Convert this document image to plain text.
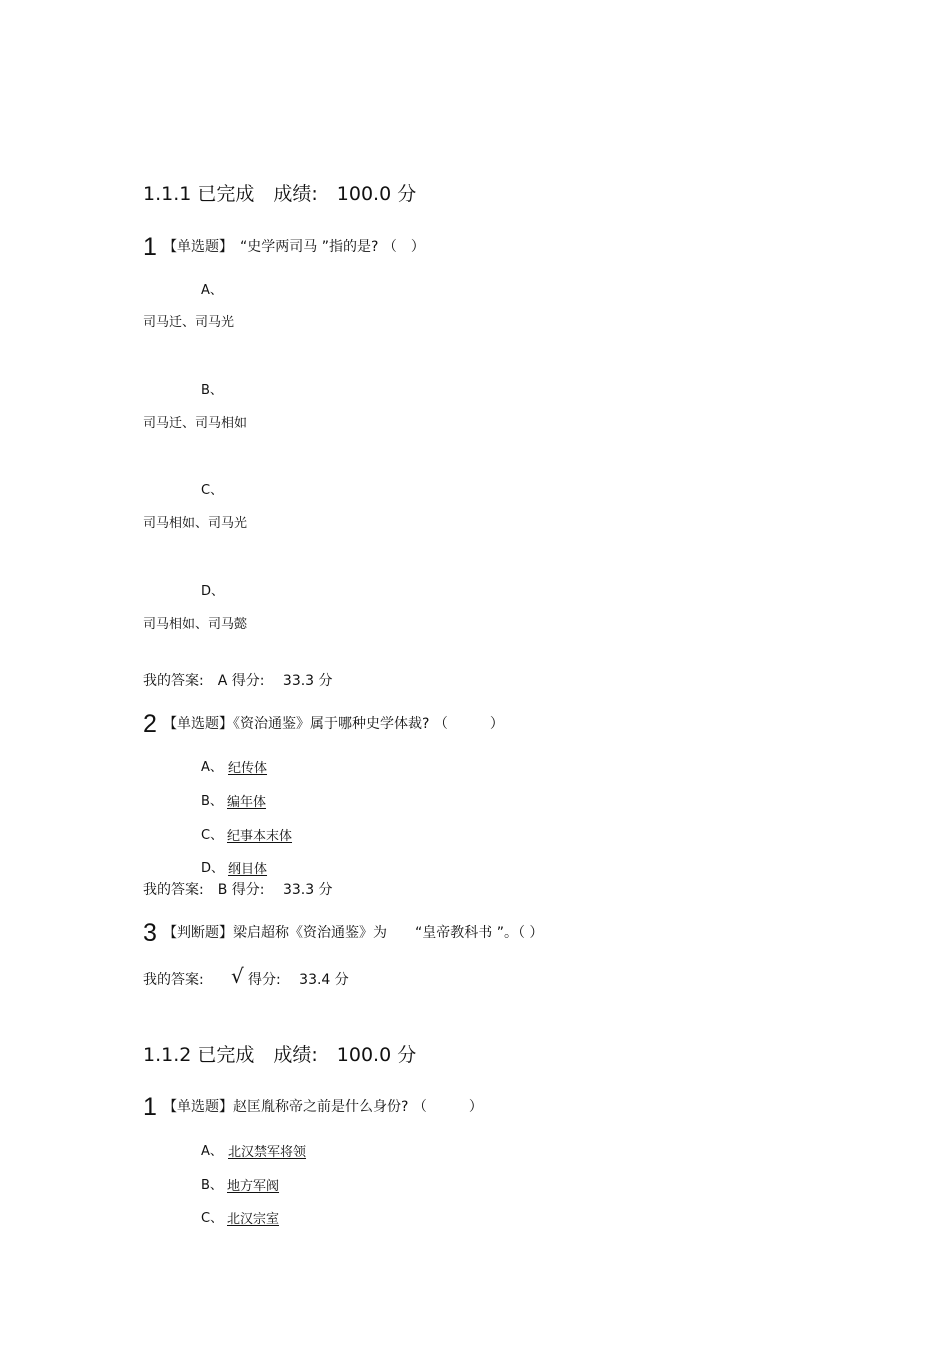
1.1.1 已完成　成绩:　100.0 分
1 【单选题】　“史学两司马 ”指的是? （　）
A、
司马迁、司马光
B、
司马迁、司马相如
C、
司马相如、司马光
D、
司马相如、司马懿
我的答案:　A 得分:　 33.3 分
2 【单选题】《资治通鉴》属于哪种史学体裁? （　　　）
A、 纪传体
B、 编年体
C、 纪事本末体
D、 纲目体
我的答案:　B 得分:　 33.3 分
3 【判断题】梁启超称《资治通鉴》为　　“皇帝教科书 ”。（ ）
我的答案: √ 得分:　 33.4 分
1.1.2 已完成　成绩:　100.0 分
1 【单选题】赵匡胤称帝之前是什么身份? （　　　）
A、 北汉禁军将领
B、 地方军阀
C、 北汉宗室
